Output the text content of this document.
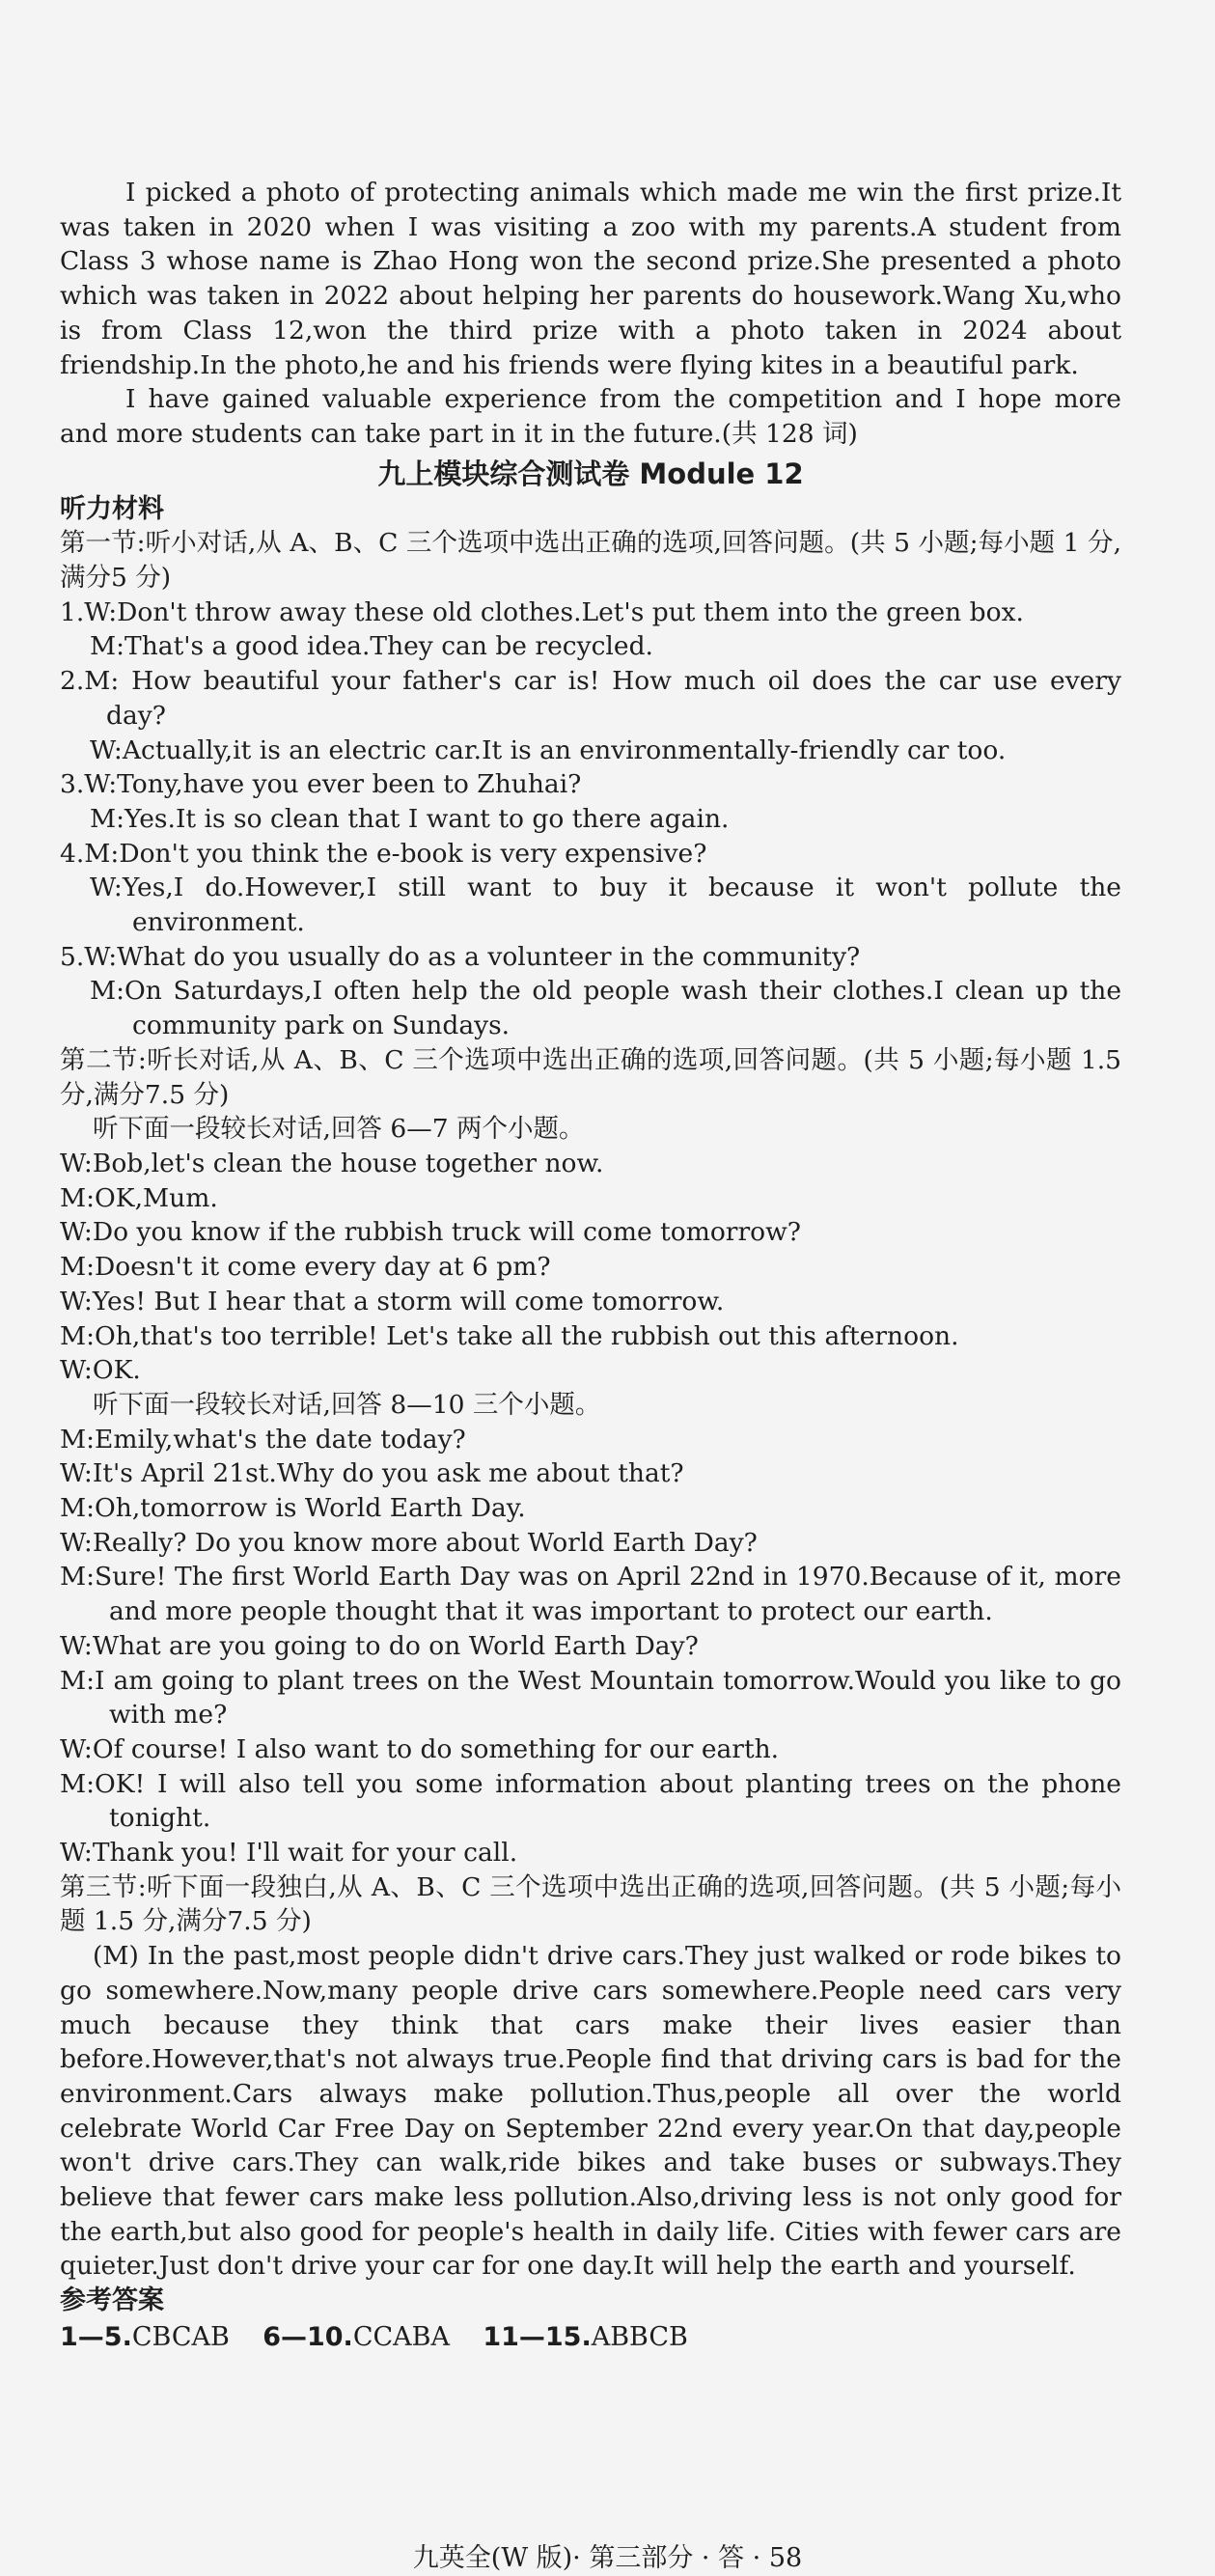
I picked a photo of protecting animals which made me win the first prize.It was taken in 2020 when I was visiting a zoo with my parents.A student from Class 3 whose name is Zhao Hong won the second prize.She presented a photo which was taken in 2022 about helping her parents do housework.Wang Xu,who is from Class 12,won the third prize with a photo taken in 2024 about friendship.In the photo,he and his friends were flying kites in a beautiful park.
I have gained valuable experience from the competition and I hope more and more students can take part in it in the future.(共 128 词)
九上模块综合测试卷 Module 12
听力材料
第一节:听小对话,从 A、B、C 三个选项中选出正确的选项,回答问题。(共 5 小题;每小题 1 分,满分5 分)
1.W:Don't throw away these old clothes.Let's put them into the green box.
M:That's a good idea.They can be recycled.
2.M: How beautiful your father's car is! How much oil does the car use every day?
W:Actually,it is an electric car.It is an environmentally-friendly car too.
3.W:Tony,have you ever been to Zhuhai?
M:Yes.It is so clean that I want to go there again.
4.M:Don't you think the e-book is very expensive?
W:Yes,I do.However,I still want to buy it because it won't pollute the environment.
5.W:What do you usually do as a volunteer in the community?
M:On Saturdays,I often help the old people wash their clothes.I clean up the community park on Sundays.
第二节:听长对话,从 A、B、C 三个选项中选出正确的选项,回答问题。(共 5 小题;每小题 1.5 分,满分7.5 分)
听下面一段较长对话,回答 6—7 两个小题。
W:Bob,let's clean the house together now.
M:OK,Mum.
W:Do you know if the rubbish truck will come tomorrow?
M:Doesn't it come every day at 6 pm?
W:Yes! But I hear that a storm will come tomorrow.
M:Oh,that's too terrible! Let's take all the rubbish out this afternoon.
W:OK.
听下面一段较长对话,回答 8—10 三个小题。
M:Emily,what's the date today?
W:It's April 21st.Why do you ask me about that?
M:Oh,tomorrow is World Earth Day.
W:Really? Do you know more about World Earth Day?
M:Sure! The first World Earth Day was on April 22nd in 1970.Because of it, more and more people thought that it was important to protect our earth.
W:What are you going to do on World Earth Day?
M:I am going to plant trees on the West Mountain tomorrow.Would you like to go with me?
W:Of course! I also want to do something for our earth.
M:OK! I will also tell you some information about planting trees on the phone tonight.
W:Thank you! I'll wait for your call.
第三节:听下面一段独白,从 A、B、C 三个选项中选出正确的选项,回答问题。(共 5 小题;每小题 1.5 分,满分7.5 分)
(M) In the past,most people didn't drive cars.They just walked or rode bikes to go somewhere.Now,many people drive cars somewhere.People need cars very much because they think that cars make their lives easier than before.However,that's not always true.People find that driving cars is bad for the environment.Cars always make pollution.Thus,people all over the world celebrate World Car Free Day on September 22nd every year.On that day,people won't drive cars.They can walk,ride bikes and take buses or subways.They believe that fewer cars make less pollution.Also,driving less is not only good for the earth,but also good for people's health in daily life. Cities with fewer cars are quieter.Just don't drive your car for one day.It will help the earth and yourself.
参考答案
1—5.CBCAB 6—10.CCABA 11—15.ABBCB
九英全(W 版)· 第三部分 · 答 · 58
